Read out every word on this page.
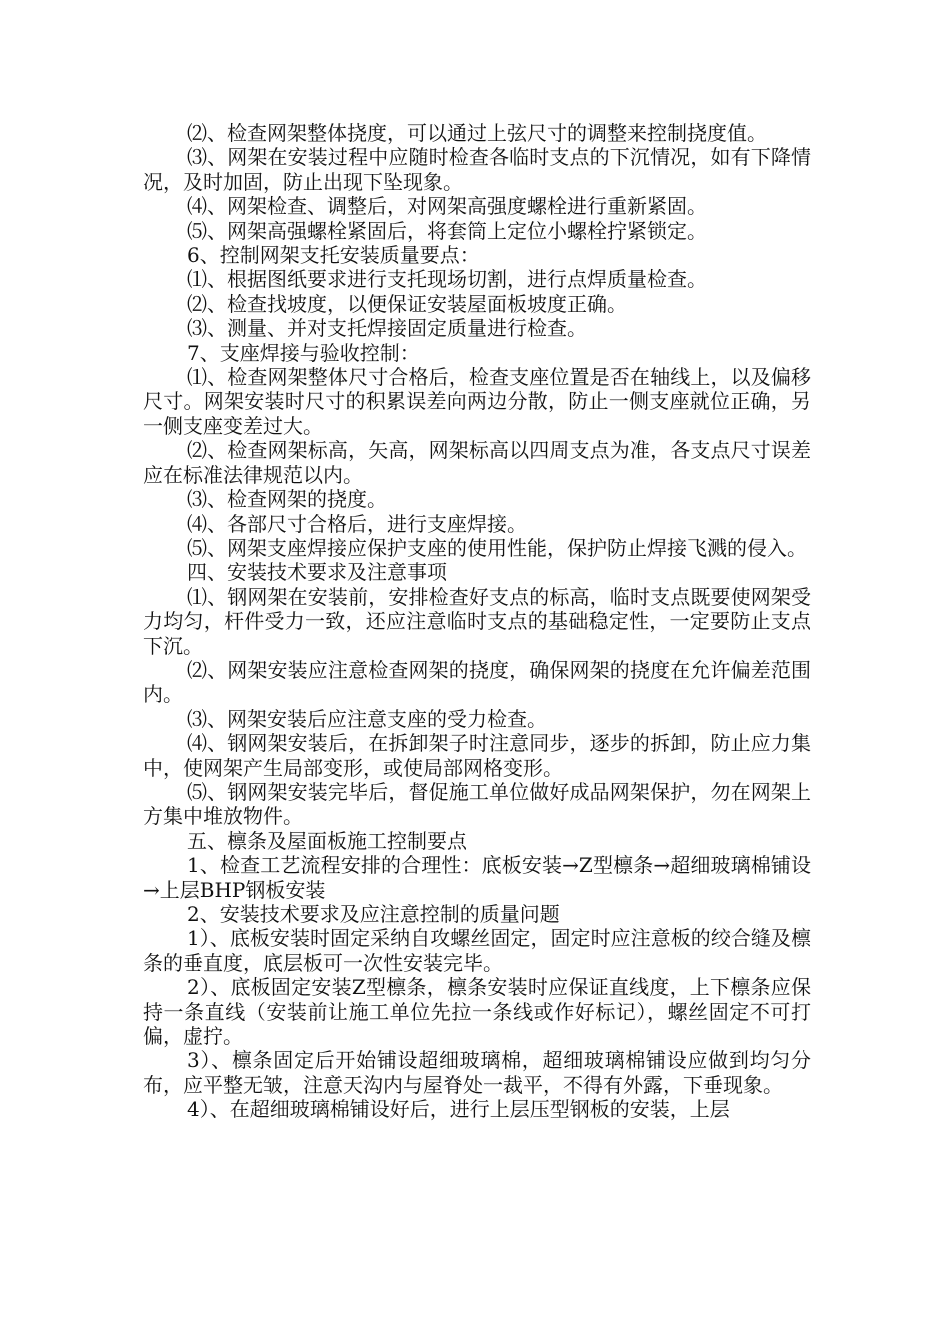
⑵、检查网架整体挠度，可以通过上弦尺寸的调整来控制挠度值。

⑶、网架在安装过程中应随时检查各临时支点的下沉情况，如有下降情况，及时加固，防止出现下坠现象。

⑷、网架检查、调整后，对网架高强度螺栓进行重新紧固。

⑸、网架高强螺栓紧固后，将套筒上定位小螺栓拧紧锁定。

6、控制网架支托安装质量要点：

⑴、根据图纸要求进行支托现场切割，进行点焊质量检查。

⑵、检查找坡度，以便保证安装屋面板坡度正确。

⑶、测量、并对支托焊接固定质量进行检查。

7、支座焊接与验收控制：

⑴、检查网架整体尺寸合格后，检查支座位置是否在轴线上，以及偏移尺寸。网架安装时尺寸的积累误差向两边分散，防止一侧支座就位正确，另一侧支座变差过大。

⑵、检查网架标高，矢高，网架标高以四周支点为准，各支点尺寸误差应在标准法律规范以内。

⑶、检查网架的挠度。

⑷、各部尺寸合格后，进行支座焊接。

⑸、网架支座焊接应保护支座的使用性能，保护防止焊接飞溅的侵入。

四、安装技术要求及注意事项

⑴、钢网架在安装前，安排检查好支点的标高，临时支点既要使网架受力均匀，杆件受力一致，还应注意临时支点的基础稳定性，一定要防止支点下沉。

⑵、网架安装应注意检查网架的挠度，确保网架的挠度在允许偏差范围内。

⑶、网架安装后应注意支座的受力检查。

⑷、钢网架安装后，在拆卸架子时注意同步，逐步的拆卸，防止应力集中，使网架产生局部变形，或使局部网格变形。

⑸、钢网架安装完毕后，督促施工单位做好成品网架保护，勿在网架上方集中堆放物件。

五、檩条及屋面板施工控制要点

1、检查工艺流程安排的合理性：底板安装→Z型檩条→超细玻璃棉铺设→上层BHP钢板安装

2、安装技术要求及应注意控制的质量问题

1）、底板安装时固定采纳自攻螺丝固定，固定时应注意板的绞合缝及檩条的垂直度，底层板可一次性安装完毕。

2）、底板固定安装Z型檩条，檩条安装时应保证直线度，上下檩条应保持一条直线（安装前让施工单位先拉一条线或作好标记），螺丝固定不可打偏，虚拧。

3）、檩条固定后开始铺设超细玻璃棉，超细玻璃棉铺设应做到均匀分布，应平整无皱，注意天沟内与屋脊处一裁平，不得有外露，下垂现象。

4）、在超细玻璃棉铺设好后，进行上层压型钢板的安装，上层
